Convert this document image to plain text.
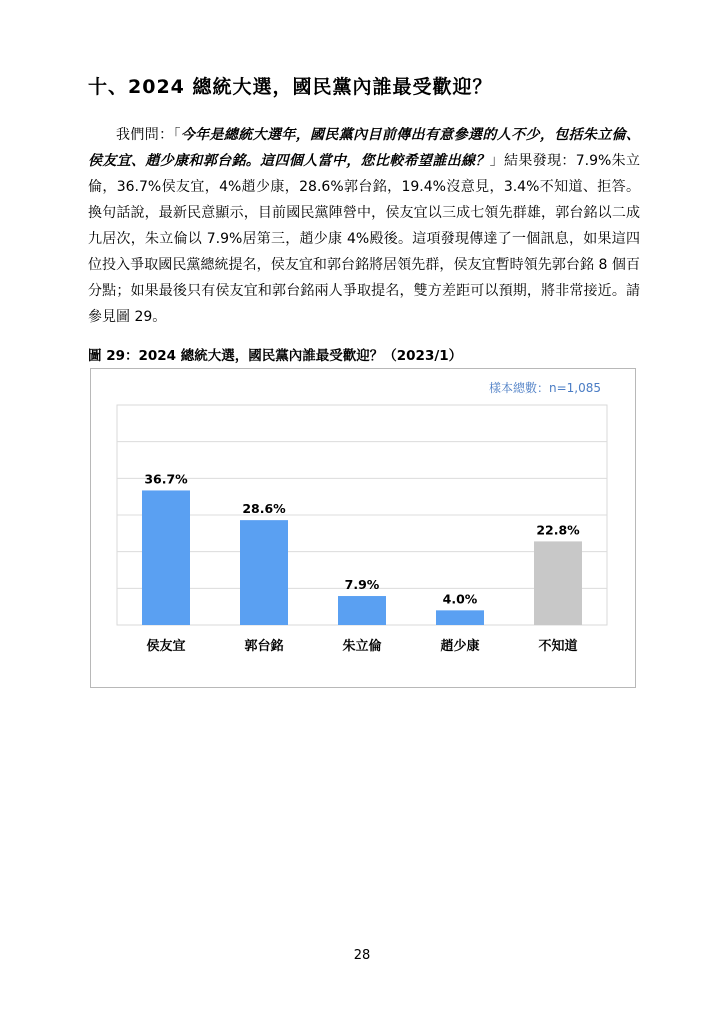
十、2024 總統大選，國民黨內誰最受歡迎？

我們問：「今年是總統大選年，國民黨內目前傳出有意參選的人不少，包括朱立倫、侯友宜、趙少康和郭台銘。這四個人當中，您比較希望誰出線？」結果發現：7.9%朱立倫，36.7%侯友宜，4%趙少康，28.6%郭台銘，19.4%沒意見，3.4%不知道、拒答。換句話說，最新民意顯示，目前國民黨陣營中，侯友宜以三成七領先群雄，郭台銘以二成九居次，朱立倫以 7.9%居第三，趙少康 4%殿後。這項發現傳達了一個訊息，如果這四位投入爭取國民黨總統提名，侯友宜和郭台銘將居領先群，侯友宜暫時領先郭台銘 8 個百分點；如果最後只有侯友宜和郭台銘兩人爭取提名，雙方差距可以預期，將非常接近。請參見圖 29。

圖 29：2024 總統大選，國民黨內誰最受歡迎？（2023/1）
樣本總數：n=1,085
36.7%
侯友宜
28.6%
郭台銘
7.9%
朱立倫
4.0%
趙少康
22.8%
不知道
28
